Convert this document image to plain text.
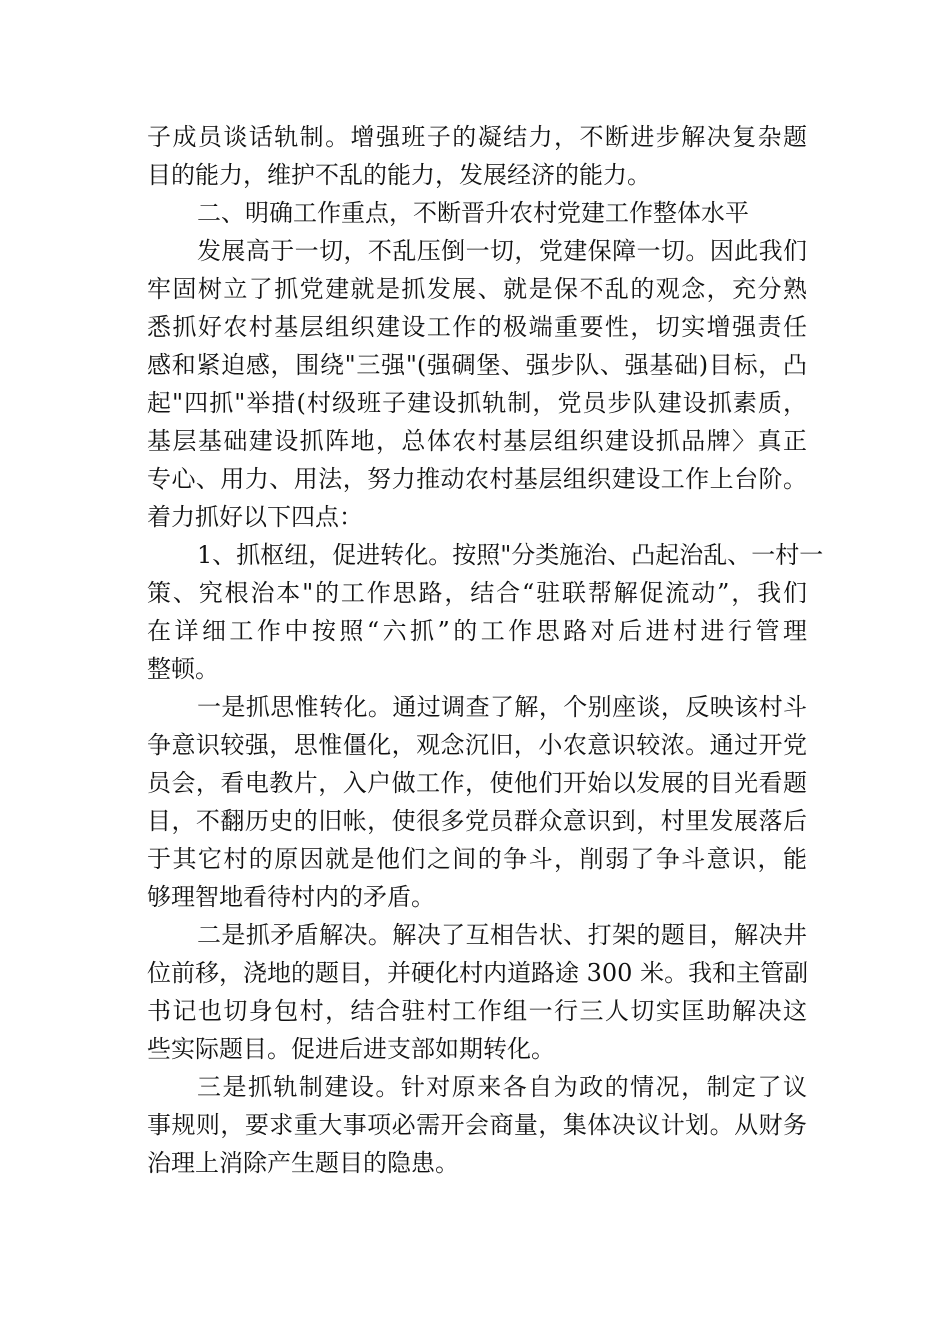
子成员谈话轨制。增强班子的凝结力，不断进步解决复杂题
目的能力，维护不乱的能力，发展经济的能力。
二、明确工作重点，不断晋升农村党建工作整体水平
发展高于一切，不乱压倒一切，党建保障一切。因此我们
牢固树立了抓党建就是抓发展、就是保不乱的观念，充分熟
悉抓好农村基层组织建设工作的极端重要性，切实增强责任
感和紧迫感，围绕"三强"(强碉堡、强步队、强基础)目标，凸
起"四抓"举措(村级班子建设抓轨制，党员步队建设抓素质，
基层基础建设抓阵地，总体农村基层组织建设抓品牌〉真正
专心、用力、用法，努力推动农村基层组织建设工作上台阶。
着力抓好以下四点：
1、抓枢纽，促进转化。按照"分类施治、凸起治乱、一村一
策、究根治本"的工作思路，结合“驻联帮解促流动”，我们
在详细工作中按照“六抓”的工作思路对后进村进行管理
整顿。
一是抓思惟转化。通过调查了解，个别座谈，反映该村斗
争意识较强，思惟僵化，观念沉旧，小农意识较浓。通过开党
员会，看电教片，入户做工作，使他们开始以发展的目光看题
目，不翻历史的旧帐，使很多党员群众意识到，村里发展落后
于其它村的原因就是他们之间的争斗，削弱了争斗意识，能
够理智地看待村内的矛盾。
二是抓矛盾解决。解决了互相告状、打架的题目，解决井
位前移，浇地的题目，并硬化村内道路途 300 米。我和主管副
书记也切身包村，结合驻村工作组一行三人切实匡助解决这
些实际题目。促进后进支部如期转化。
三是抓轨制建设。针对原来各自为政的情况，制定了议
事规则，要求重大事项必需开会商量，集体决议计划。从财务
治理上消除产生题目的隐患。
